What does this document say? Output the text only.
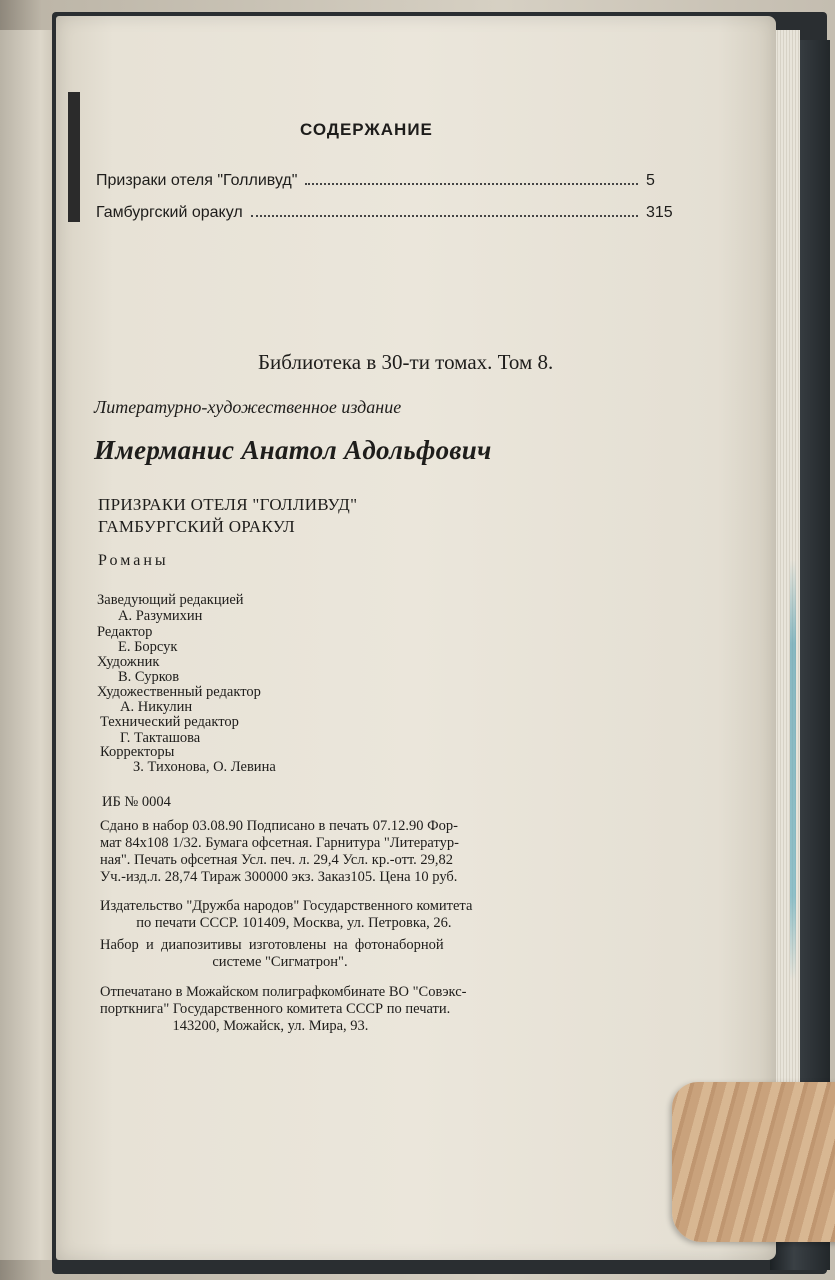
СОДЕРЖАНИЕ
Призраки отеля "Голливуд"	5
Гамбургский оракул	315
Библиотека в 30-ти томах. Том 8.
Литературно-художественное издание
Имерманис Анатол Адольфович
ПРИЗРАКИ ОТЕЛЯ "ГОЛЛИВУД"
ГАМБУРГСКИЙ ОРАКУЛ
Романы
Заведующий редакцией
А. Разумихин
Редактор
Е. Борсук
Художник
В. Сурков
Художественный редактор
А. Никулин
Технический редактор
Г. Такташова
Корректоры
З. Тихонова, О. Левина
ИБ № 0004
Сдано в набор 03.08.90 Подписано в печать 07.12.90 Фор-
мат 84х108 1/32. Бумага офсетная. Гарнитура "Литератур-
ная". Печать офсетная Усл. печ. л. 29,4 Усл. кр.-отт. 29,82
Уч.-изд.л. 28,74 Тираж 300000 экз. Заказ105. Цена 10 руб.
Издательство "Дружба народов" Государственного комитета
по печати СССР. 101409, Москва, ул. Петровка, 26.
Набор  и  диапозитивы  изготовлены  на  фотонаборной
системе "Сигматрон".
Отпечатано в Можайском полиграфкомбинате ВО "Совэкс-
порткнига" Государственного комитета СССР по печати.
143200, Можайск, ул. Мира, 93.
